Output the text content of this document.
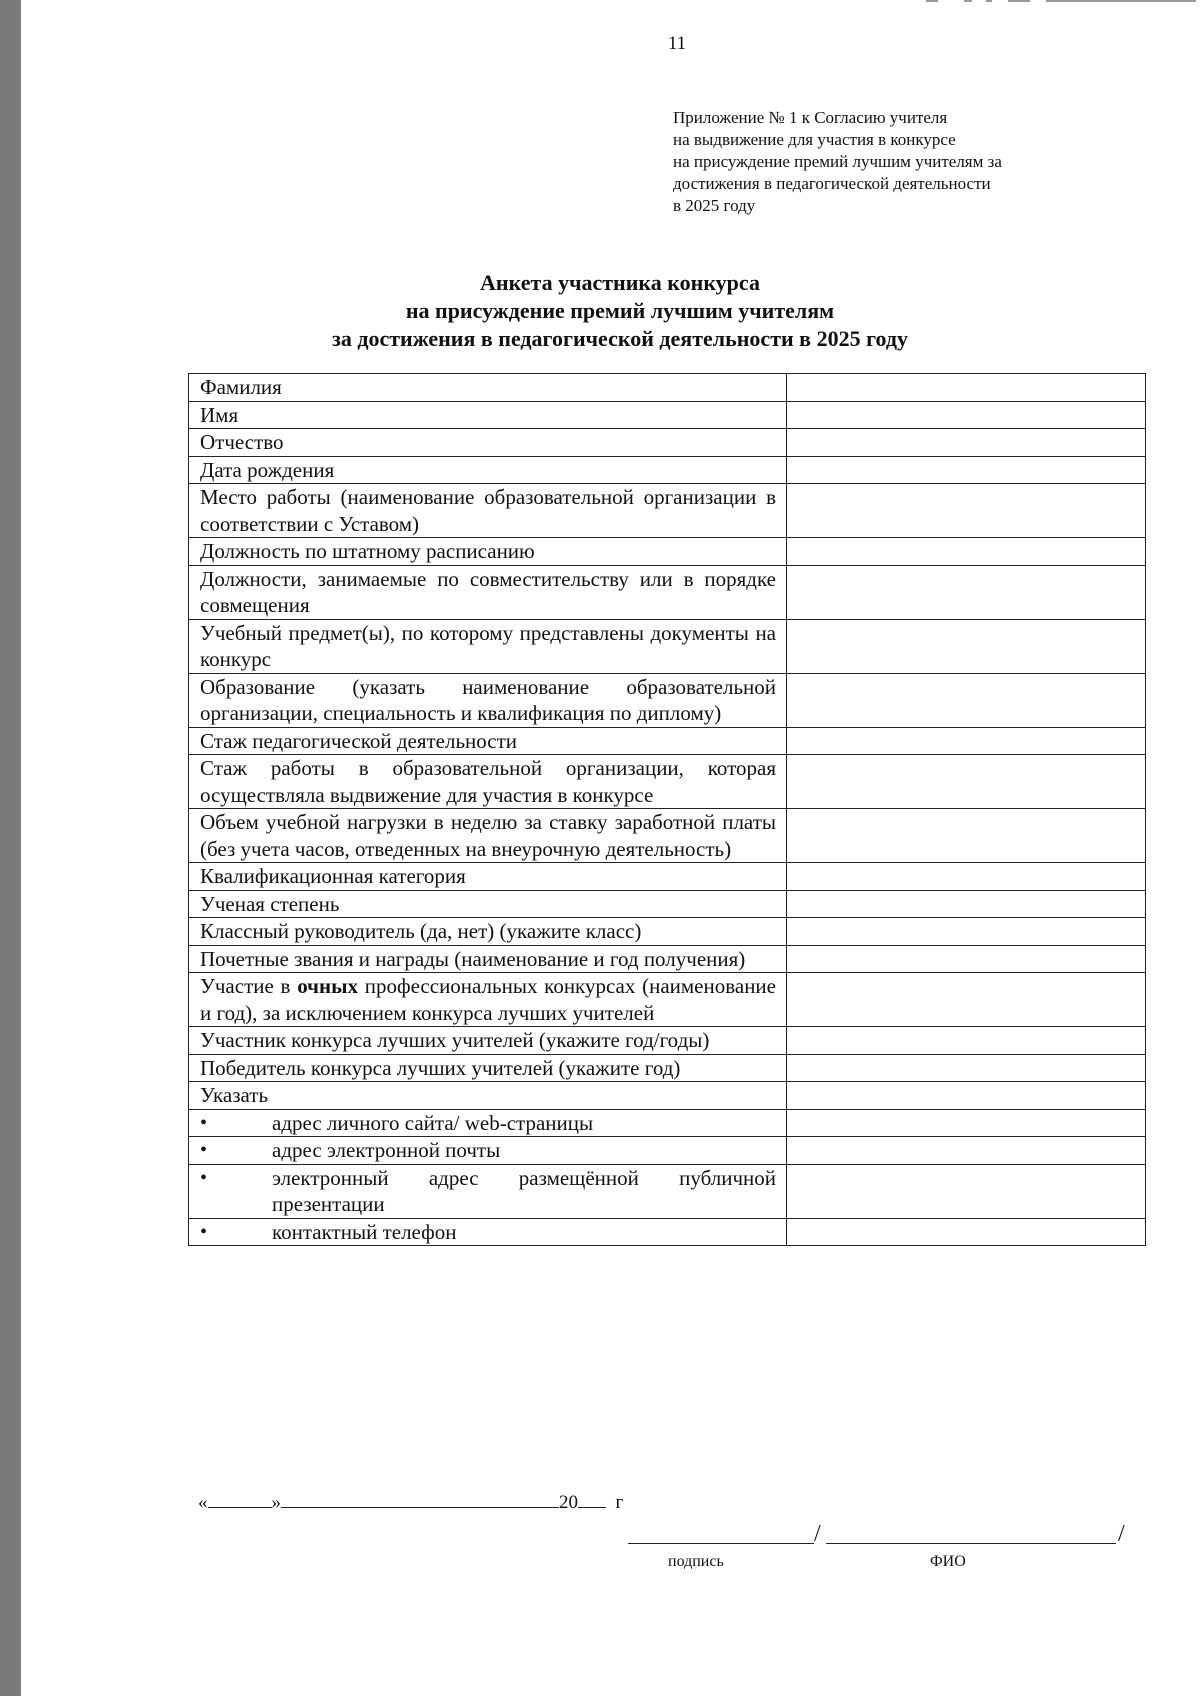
11
Приложение № 1 к Согласию учителя
на выдвижение для участия в конкурсе
на присуждение премий лучшим учителям за
достижения в педагогической деятельности
в 2025 году
Анкета участника конкурса
на присуждение премий лучшим учителям
за достижения в педагогической деятельности в 2025 году
Фамилия	
Имя	
Отчество	
Дата рождения	
Место работы (наименование образовательной организации в соответствии с Уставом)	
Должность по штатному расписанию	
Должности, занимаемые по совместительству или в порядке совмещения	
Учебный предмет(ы), по которому представлены документы на конкурс	
Образование (указать наименование образовательной организации, специальность и квалификация по диплому)	
Стаж педагогической деятельности	
Стаж работы в образовательной организации, которая осуществляла выдвижение для участия в конкурсе	
Объем учебной нагрузки в неделю за ставку заработной платы (без учета часов, отведенных на внеурочную деятельность)	
Квалификационная категория	
Ученая степень	
Классный руководитель (да, нет) (укажите класс)	
Почетные звания и награды (наименование и год получения)	
Участие в очных профессиональных конкурсах (наименование и год), за исключением конкурса лучших учителей	
Участник конкурса лучших учителей (укажите год/годы)	
Победитель конкурса лучших учителей (укажите год)	
Указать	

• адрес личного сайта/ web-страницы	

• адрес электронной почты	

• электронный адрес размещённой публичной презентации	

• контактный телефон	

«	»	20 г
/	/
подпись	ФИО
